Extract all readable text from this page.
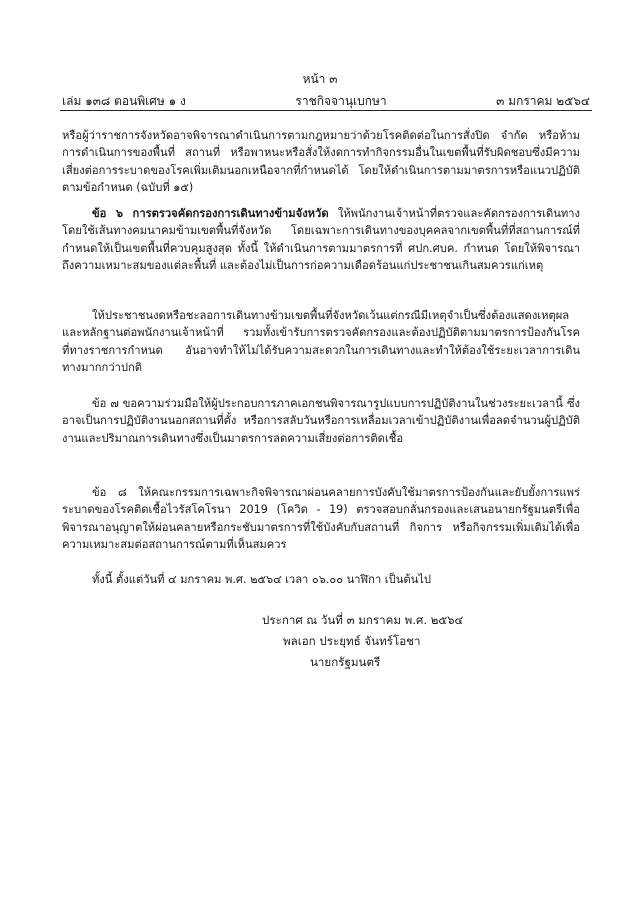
หน้า ๓
เล่ม ๑๓๘ ตอนพิเศษ ๑ ง	ราชกิจจานุเบกษา	๓ มกราคม ๒๕๖๔

หรือผู้ว่าราชการจังหวัดอาจพิจารณาดำเนินการตามกฎหมายว่าด้วยโรคติดต่อในการสั่งปิด จำกัด หรือห้ามการดำเนินการของพื้นที่ สถานที่ หรือพาหนะหรือสั่งให้งดการทำกิจกรรมอื่นในเขตพื้นที่รับผิดชอบซึ่งมีความเสี่ยงต่อการระบาดของโรคเพิ่มเติมนอกเหนือจากที่กำหนดได้ โดยให้ดำเนินการตามมาตรการหรือแนวปฏิบัติตามข้อกำหนด (ฉบับที่ ๑๕)

ข้อ ๖ การตรวจคัดกรองการเดินทางข้ามจังหวัด ให้พนักงานเจ้าหน้าที่ตรวจและคัดกรองการเดินทางโดยใช้เส้นทางคมนาคมข้ามเขตพื้นที่จังหวัด โดยเฉพาะการเดินทางของบุคคลจากเขตพื้นที่ที่สถานการณ์ที่กำหนดให้เป็นเขตพื้นที่ควบคุมสูงสุด ทั้งนี้ ให้ดำเนินการตามมาตรการที่ ศปก.ศบค. กำหนด โดยให้พิจารณาถึงความเหมาะสมของแต่ละพื้นที่ และต้องไม่เป็นการก่อความเดือดร้อนแก่ประชาชนเกินสมควรแก่เหตุ

ให้ประชาชนงดหรือชะลอการเดินทางข้ามเขตพื้นที่จังหวัดเว้นแต่กรณีมีเหตุจำเป็นซึ่งต้องแสดงเหตุผลและหลักฐานต่อพนักงานเจ้าหน้าที่ รวมทั้งเข้ารับการตรวจคัดกรองและต้องปฏิบัติตามมาตรการป้องกันโรคที่ทางราชการกำหนด อันอาจทำให้ไม่ได้รับความสะดวกในการเดินทางและทำให้ต้องใช้ระยะเวลาการเดินทางมากกว่าปกติ

ข้อ ๗ ขอความร่วมมือให้ผู้ประกอบการภาคเอกชนพิจารณารูปแบบการปฏิบัติงานในช่วงระยะเวลานี้ ซึ่งอาจเป็นการปฏิบัติงานนอกสถานที่ตั้ง หรือการสลับวันหรือการเหลื่อมเวลาเข้าปฏิบัติงานเพื่อลดจำนวนผู้ปฏิบัติงานและปริมาณการเดินทางซึ่งเป็นมาตรการลดความเสี่ยงต่อการติดเชื้อ

ข้อ ๘ ให้คณะกรรมการเฉพาะกิจพิจารณาผ่อนคลายการบังคับใช้มาตรการป้องกันและยับยั้งการแพร่ระบาดของโรคติดเชื้อไวรัสโคโรนา 2019 (โควิด - 19) ตรวจสอบกลั่นกรองและเสนอนายกรัฐมนตรีเพื่อพิจารณาอนุญาตให้ผ่อนคลายหรือกระชับมาตรการที่ใช้บังคับกับสถานที่ กิจการ หรือกิจกรรมเพิ่มเติมได้เพื่อความเหมาะสมต่อสถานการณ์ตามที่เห็นสมควร

ทั้งนี้ ตั้งแต่วันที่ ๔ มกราคม พ.ศ. ๒๕๖๔ เวลา ๐๖.๐๐ นาฬิกา เป็นต้นไป

ประกาศ ณ วันที่ ๓ มกราคม พ.ศ. ๒๕๖๔
พลเอก ประยุทธ์ จันทร์โอชา
นายกรัฐมนตรี
